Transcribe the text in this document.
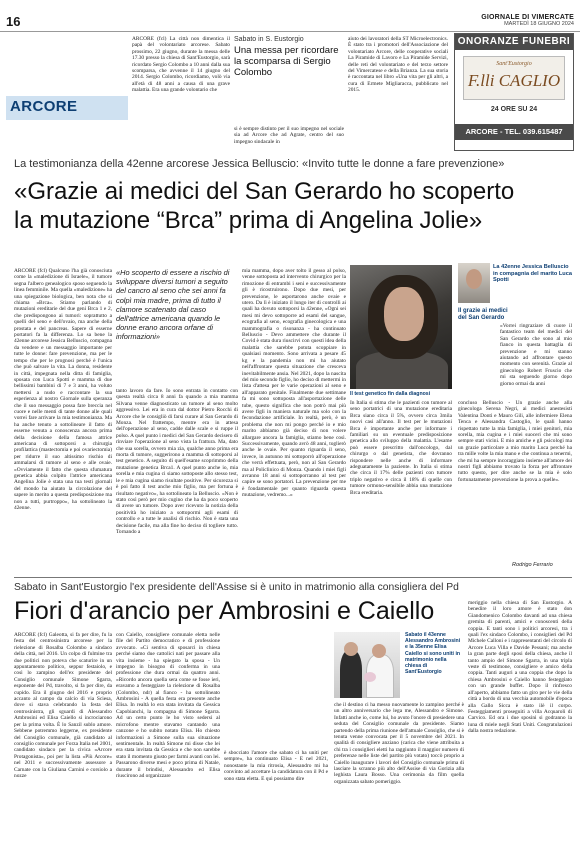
16	GIORNALE DI VIMERCATE
MARTEDÌ 18 GIUGNO 2024
ARCORE
ARCORE (fcl) La città non dimentica il papà del volontariato arcorese. Sabato prossimo, 22 giugno, durante la messa delle 17.30 presso la chiesa di Sant'Eustorgio, sarà ricordato Sergio Colombo a 10 anni dalla sua scomparsa, che avvenne il 14 giugno del 2014. Sergio Colombo, ricordiamo, volò via all'età di 48 anni a causa di una grave malattia. Era una grande volontario che
Sabato in S. Eustorgio
Una messa per ricordare la scomparsa di Sergio Colombo
si è sempre distinto per il suo impegno nel sociale sia ad Arcore che ad Agrate, centro del suo impegno sindacale in
aiuto dei lavoratori della ST Microelectronics. È stato tra i promotori dell'Associazione del volontariato Arcore, delle cooperative sociali La Piramide di Lavoro e La Piramide Servizi, delle reti del volontariato e del terzo settore del Vimercatese e della Brianza. La sua storia è raccontata nel libro «Una vita per gli altri, a cura di Ermete Migliaracca, pubblicato nel 2015.
ONORANZE FUNEBRI
Sant'Eustorgio
F.lli CAGLIO
24 ORE SU 24
ARCORE - TEL. 039.615487
La testimonianza della 42enne arcorese Jessica Belluscio: «Invito tutte le donne a fare prevenzione»
«Grazie ai medici del San Gerardo ho scoperto
la mutazione “Brca” prima di Angelina Jolie»
ARCORE (fcl) Qualcuno l'ha già conosciuta come la «maledizione di Israele», il tumore segna l'albero genealogico sposo seguendo la linea femminile. Ma quella «maledizione» ha una spiegazione biologica, ben nota che si chiama «Brca». Stiamo parlando di mutazioni ereditarie del due geni Brca 1 e 2, che predispongono ai tumori: soprattutto a quelli del seno e dell'ovaio, ma anche della prostata e del pancreas. Sapere di esserne portatori fa la differenza. Lo sa bene la 42enne arcorese Jessica Belluscio, compagna da vendere e un messaggio importante per tutte le donne: fare prevenzione, ma per le tempo che per le prognosi perché è l'unica che può salvare la vita. La donna, residente in città, impegnata nella ditta di famiglia, sposata con Luca Spotti e mamma di due bellissimi bambini di 7 e 3 anni, ha voluto mettersi a nudo e raccontare la sua esperienza al nostro Giornale sulla speranza che il suo messaggio possa fare breccia nel cuore e nelle menti di tante donne alle quali vorrei fare arrivare la mia testimonianza. Ma ha anche tenuto a sottolineare il fatto di esserne venuta a conoscenza ancora prima della decisione della famosa attrice americana di sottoporsi a chirurgia profilattica (mastectomia e poi ovariectomia) per ridurre il suo altissimo rischio di ammalarsi di tumore al seno e alle ovaie. «Ovviamente il fatto che questa sfumatura genetica abbia colpito l'attrice americana Angelina Jolie è stata una tua testi giornali del mondo ha aiutato la circolazione del sapere in merito a questa predisposizione ma non a tutti, purtroppo», ha sottolineato la 42enne.
«Ho scoperto di essere a rischio di sviluppare diversi tumori a seguito del cancro al seno che sei anni fa colpì mia madre, prima di tutto il clamore scatenato dal caso dell'attrice americana quando le donne erano ancora orfane di informazioni»
tanto lavoro da fare. Io sono entrata in contatto con questa realtà circa 8 anni fa quando a mia mamma Silvana venne diagnosticato un tumore al seno molto aggressivo. Lei era in cura dal dottor Pietro Rocchi di Arcore che le consigliò di farsi curare al San Gerardo di Monza. Nel frattempo, mentre era in attesa dell'operazione al seno, cadde dalle scale e si ruppe il polso. A quel punto i medici del San Gerardo decisero di rinviare l'operazione al seno vista la frattura. Ma, dato che sua sorella, ovvero mia zia, qualche anno prima era morta di tumore, suggerirono a mamma di sottoporsi al test genetico. A seguito di quell'esame scoprimmo della mutazione genetica Brca1. A quel punto anche io, mia sorella e mia cugina ci siamo sottoposte allo stesso test, le e mia cugina siamo risultate positive. Per sicurezza si è poi fatto il test anche mio figlio, ma per fortuna è risultato negativo», ha sottolineato la Belluscio. «Non è stato così però per mio cugino che ha da poco scoperto di avere un tumore. Dopo aver ricevuto la notizia della positività ho iniziato a sottopormi agli esami di controllo e a tutte le analisi di rischio. Non è stata una decisione facile, ma alla fine ho deciso di togliere tutto. Tornando a
mia mamma, dopo aver tolto il gesso al polso, venne sottoposta ad intervento chirurgico per la rimozione di entrambi i seni e successivamente gli è ricostruirono. Dopo due mesi, per prevenzione, le asportarono anche ovaie e utero. Da lì è iniziato il lungo iter di controlli ai quali ha dovuto sottoporsi la 42enne, «Ogni sei mesi mi devo sottoporre ad esami del sangue, ecografia al seno, ecografia ginecologica e una mammografia o risonanza - ha continuato Belluscio - Devo ammettere che durante il Covid è stata dura riuscirvi con questi idea della malattia che sarebbe potuta scoppiare in qualsiasi momento. Sono arrivata a pesare 45 kg e la pandemia non mi ha aiutato nell'affrontare questa situazione che cresceva inevitabilmente ansia. Nel 2021, dopo la nascita del mio secondo figlio, ho deciso di mettermi in lista d'attesa per le varie operazioni al seno e all'apparato genitale. Finalmente due settimane fa mi sono sottoposta all'asportazione delle tube, questo significa che non potrò mai più avere figli in maniera naturale ma solo con la fecondazione artificiale. In realtà, però, è un problema che non mi pongo perché io e mio marito abbiamo già deciso di non volere allargare ancora la famiglia, stiamo bene così. Successivamente, quando avrò 48 anni, toglierò anche le ovaie. Per quanto riguarda il seno, invece, in autunno mi sottoporrò all'operazione che verrà effettuata, però, non al San Gerardo ma al Policlinico di Monza. Quando i miei figli avranno 18 anni si sottoporranno al test per capire se sono portatori. La prevenzione per me è fondamentale per quanto riguarda questa mutazione, vedremo...»
Il test genetico fin dalla diagnosi
In Italia si stima che le pazienti con tumore al seno portatrici di una mutazione ereditaria Brca siano circa il 5%, ovvero circa 3mila nuovi casi all'anno. Il test per le mutazioni Brca è importante anche per informare i familiari su un eventuale predisposizione genetica allo sviluppo della malattia. L'esame può essere prescritto dall'oncologo, dal chirurgo o dal genetista, che dovranno rispondere nelle anche di informare adeguatamente la paziente. In Italia si stima che circa il 17% delle pazienti con tumore triplo negativo e circa il 18% di quelle con tumore ormono-sensibile abbia una mutazione Brca ereditaria.
La 42enne Jessica Belluscio in compagnia del marito Luca Spotti
Il grazie ai medici
del San Gerardo
«Vorrei ringraziare di cuore il fantastico team del medici del San Gerardo che sono al mio fianco in questa battaglia di prevenzione e mi stanno aiutando ad affrontare questo momento con serenità. Grazie al ginecologo Robert Fruscio che mi sta seguendo giorno dopo giorno ormai da anni
concluso Belluscio - Un grazie anche alla ginecologa Serena Negri, ai medici anestesisti Valentina Donti e Mauro Gili, alle infermiere Elena Tenca e Alessandra Castoglio, le quali hanno rispettato tutte la mia famiglia, i miei genitori, mia sorella, mia cugina e i miei suoceri che mi sono sempre stati vicini. E mio amiche e gli psicologi ma un grazie particolare a mio marito Luca perché ha tra mille volte la mia mano e che continua a tenermi, che mi ha sempre incoraggiato insieme all'amore dei nostri figli abbiamo trovato la forza per affrontare tutto questo, per dire anche se la mia è solo fortunatamente prevenzione la prova a quelle».
Rodrigo Ferrario
Sabato in Sant'Eustorgio l'ex presidente dell'Assise si è unito in matrimonio alla consigliera del Pd
Fiori d'arancio per Ambrosini e Caiello
ARCORE (fcl) Galeotta, si fa per dire, fu la festa del centrosinistra arcorese per la rielezione di Rosalba Colombo a sindaco della città, nel 2016. Un colpo di fulmine tra due politici non poteva che scaturire in un appuntamento politico, seppur festaiolo, e così lo zampino dell'ex presidente del Consiglio comunale Simone Sgarra, esponente del Pd, travolto, si fa per dire, da cupido. Era il giugno del 2016 e proprio accanto al campo da calcio di via Sciesa, dove si stava celebrando la festa del centrosinistra, gli sguardi di Alessandro Ambrosini ed Elisa Caiello si incrociarono per la prima volta. È lo Sanzil sublo amore. Sebbene potremmo leggerne, ex presidente del Consiglio comunale, già candidato al consiglio comunale per Forza Italia nel 2001, candidato sindaco per la civica «Arcore Protagonista», poi per la lista «Più Arcore» nel 2011 e successivamente assessore a Carnate con la Giuliana Carnini e corsiolo a nozze
con Caiello, consigliere comunale eletta nelle file del Partito democratico e di professione avvocato. «Ci sentiva di sposarci in chiesa perché siamo due cattolici nati per passare alla vita insieme - ha spiegato la sposa - Un impegno in bisogno di conferma in una professione che dura ormai da quattro anni. «Ricordo ancora quella sera come se fosse ieri, eravamo a festeggiare la rielezione di Rosalba (Colombo, ndr) al fianco - ha sottolineato Ambrosini - A quella festa era presente anche Elisa. In realtà lo era stata invitata da Gessica Capobianchi, la compagna di Simone Sgarra. Ad un certo punto le ho visto sedersi al microfono mentre stavamo cantando una canzone e ho subito notato Elisa. Ho chiesto informazioni a Simone sulla sua situazione sentimentale. In realtà Simone mi disse che lei era stata invitata da Gessica e che non sarebbe stato il momento giusto per farmi avanti con lei. Passarono diverse mesi e poco prima di Natale, durante il brindisi, Alessandro ed Elisa riuscirono ad organizzare
è sbocciato l'amore che sabato ci ha uniti per sempre», ha continuato Elisa - E nel 2021, nonostante la mia ritrosia, Alessandro mi ha convinto ad accettare la candidatura con il Pd e sono stata eletta. E qui possiamo dire
Sabato il 43enne Alessandro Ambrosini e la 35enne Elisa Caiello si sono uniti in matrimonio nella chiesa di Sant'Eustorgio
che il destino ci ha messo nuovamente lo zampino perché è un altro anniversario che lega me, Alessandro e Simone. Infatti anche io, come lui, ho avuto l'onore di presiedere una seduta del Consiglio comunale da presidente. Siamo partendo della prima riunione dell'attuale Consiglio, che si è tenuta venne convocata per il 5 novembre del 2021. In qualità di consigliere anziano (carica che viene attribuita a chi tra i consiglieri eletti ha raggiunto il maggior numero di preferenze nelle liste del partito più votato) toccò proprio a Caiello inaugurare i lavori del Consiglio comunale prima di lasciare la scranno più alto dell'Assise di via Gorizia alla leghista Laura Bosso. Una cerimonia da film quella organizzata sabato pomeriggio.
meriggio nella chiesa di San Eustorgio. A benedire il loro amore è stato don Giandomenico Colombo davanti ad una chiesa gremita di parenti, amici e conoscenti della coppia. E tanti sono i politici arcoresi, tra i quali l'ex sindaco Colombo, i consiglieri del Pd Michele Calloni e i rappresentanti del circolo di Arcore Luca Villa e Davide Pessani; ma anche la gran parte degli sposi della chiesa, anche il tanto ampio del Simone Sgarra, in una tripla veste di testimone, consigliere e amico della coppia. Tanti auguri a una coppia che dopo la chiesa Ambrosini e Caiello hanno festeggiato con un grande buffet. Dopo il rinfresco all'aperto, abbiamo fatto un giro per le vie della città a bordo di una vecchia automobile d'epoca alla Gallo Sicca è stato ilè il corpo. Festeggiamenti proseguiti a villa Acquaroli di Carvico. Ed ora i due sposini si godranno la luna di miele negli Stati Uniti. Congratulazioni dalla nostra redazione.
